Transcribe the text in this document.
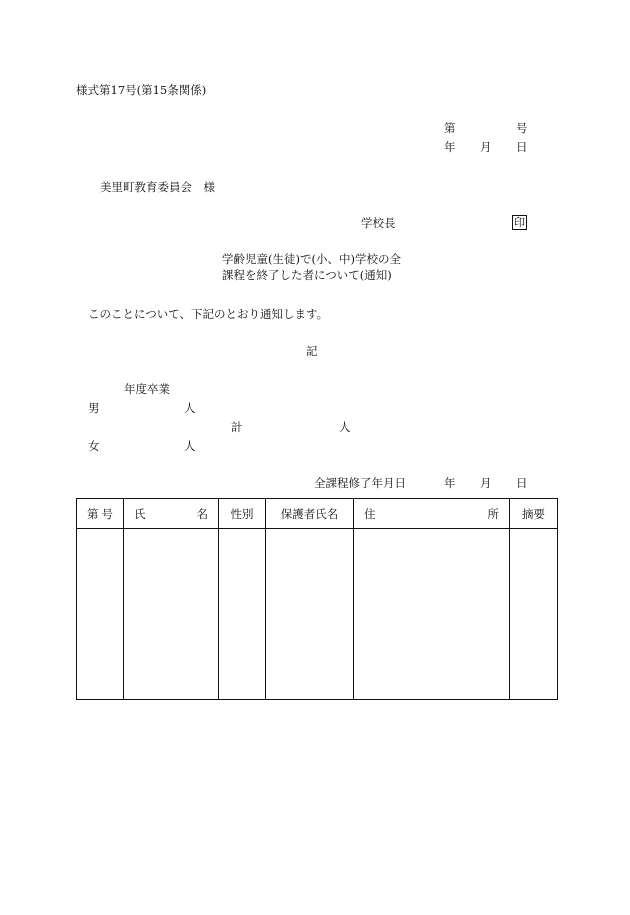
様式第17号(第15条関係)
第	号
年 月 日
美里町教育委員会　様
学校長	印
学齢児童(生徒)で(小、中)学校の全
課程を終了した者について(通知)
このことについて、下記のとおり通知します。
記
年度卒業
男	人
計	人
女	人
全課程修了年月日	年 月 日
第 号	氏 名	性別	保護者氏名	住 所	摘要
